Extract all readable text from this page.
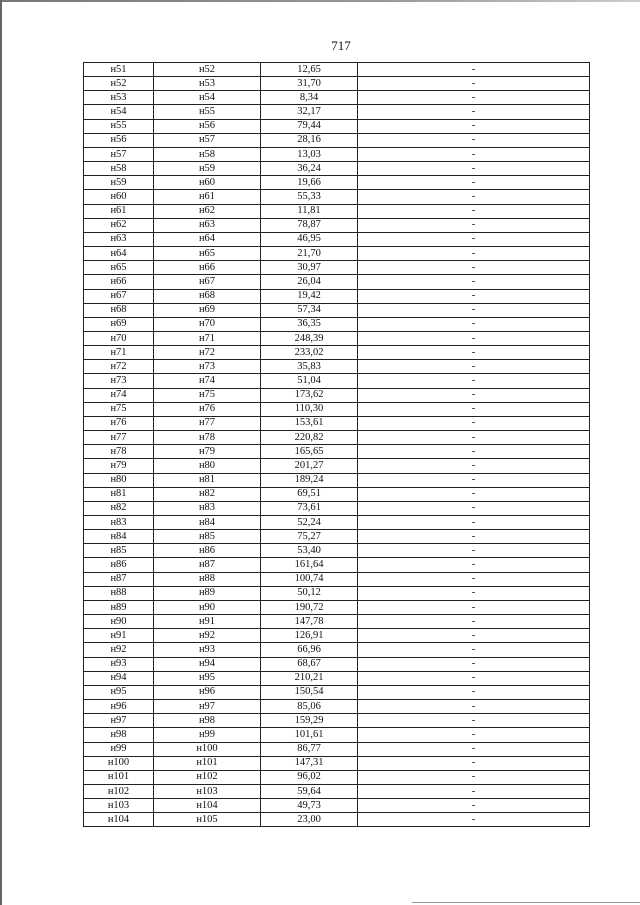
717
н51	н52	12,65	-
н52	н53	31,70	-
н53	н54	8,34	-
н54	н55	32,17	-
н55	н56	79,44	-
н56	н57	28,16	-
н57	н58	13,03	-
н58	н59	36,24	-
н59	н60	19,66	-
н60	н61	55,33	-
н61	н62	11,81	-
н62	н63	78,87	-
н63	н64	46,95	-
н64	н65	21,70	-
н65	н66	30,97	-
н66	н67	26,04	-
н67	н68	19,42	-
н68	н69	57,34	-
н69	н70	36,35	-
н70	н71	248,39	-
н71	н72	233,02	-
н72	н73	35,83	-
н73	н74	51,04	-
н74	н75	173,62	-
н75	н76	110,30	-
н76	н77	153,61	-
н77	н78	220,82	-
н78	н79	165,65	-
н79	н80	201,27	-
н80	н81	189,24	-
н81	н82	69,51	-
н82	н83	73,61	-
н83	н84	52,24	-
н84	н85	75,27	-
н85	н86	53,40	-
н86	н87	161,64	-
н87	н88	100,74	-
н88	н89	50,12	-
н89	н90	190,72	-
н90	н91	147,78	-
н91	н92	126,91	-
н92	н93	66,96	-
н93	н94	68,67	-
н94	н95	210,21	-
н95	н96	150,54	-
н96	н97	85,06	-
н97	н98	159,29	-
н98	н99	101,61	-
н99	н100	86,77	-
н100	н101	147,31	-
н101	н102	96,02	-
н102	н103	59,64	-
н103	н104	49,73	-
н104	н105	23,00	-
